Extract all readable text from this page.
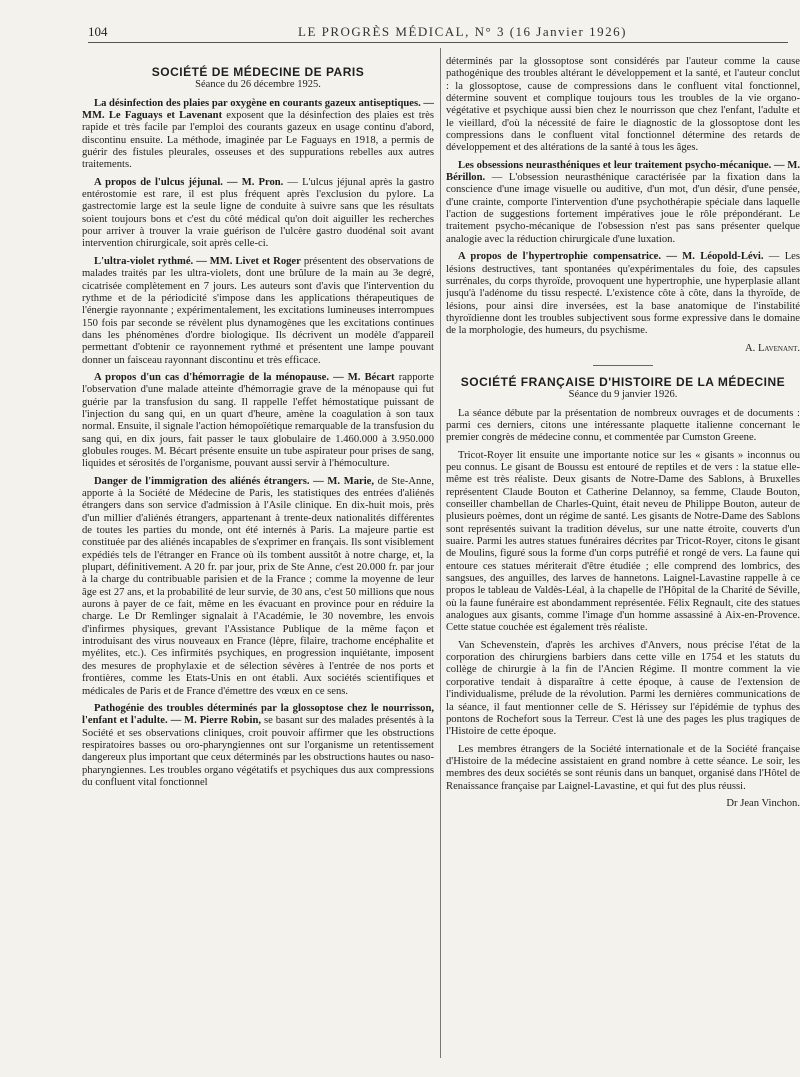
104	LE PROGRÈS MÉDICAL, N° 3 (16 Janvier 1926)
SOCIÉTÉ DE MÉDECINE DE PARIS
Séance du 26 décembre 1925.

La désinfection des plaies par oxygène en courants gazeux antiseptiques. — MM. Le Faguays et Lavenant exposent que la désinfection des plaies est très rapide et très facile par l'emploi des courants gazeux en usage continu d'abord, discontinu ensuite. La méthode, imaginée par Le Faguays en 1918, a permis de guérir des fistules pleurales, osseuses et des suppurations rebelles aux autres traitements.

A propos de l'ulcus jéjunal. — M. Pron. — L'ulcus jéjunal après la gastro entérostomie est rare, il est plus fréquent après l'exclusion du pylore. La gastrectomie large est la seule ligne de conduite à suivre sans que les résultats soient toujours bons et c'est du côté médical qu'on doit aiguiller les recherches pour arriver à trouver la vraie guérison de l'ulcère gastro duodénal soit avant intervention chirurgicale, soit après celle-ci.

L'ultra-violet rythmé. — MM. Livet et Roger présentent des observations de malades traités par les ultra-violets, dont une brûlure de la main au 3e degré, cicatrisée complètement en 7 jours. Les auteurs sont d'avis que l'intervention du rythme et de la périodicité s'impose dans les applications thérapeutiques de l'énergie rayonnante ; expérimentalement, les excitations lumineuses interrompues 150 fois par seconde se révèlent plus dynamogènes que les excitations continues dans les phénomènes d'ordre biologique. Ils décrivent un modèle d'appareil permettant d'obtenir ce rayonnement rythmé et présentent une lampe pouvant donner un faisceau rayonnant discontinu et très efficace.

A propos d'un cas d'hémorragie de la ménopause. — M. Bécart rapporte l'observation d'une malade atteinte d'hémorragie grave de la ménopause qui fut guérie par la transfusion du sang. Il rappelle l'effet hémostatique puissant de l'injection du sang qui, en un quart d'heure, amène la coagulation à son taux normal. Ensuite, il signale l'action hémopoïétique remarquable de la transfusion du sang qui, en dix jours, fait passer le taux globulaire de 1.460.000 à 3.950.000 globules rouges. M. Bécart présente ensuite un tube aspirateur pour prises de sang, liquides et sérosités de l'organisme, pouvant aussi servir à l'hémoculture.

Danger de l'immigration des aliénés étrangers. — M. Marie, de Ste-Anne, apporte à la Société de Médecine de Paris, les statistiques des entrées d'aliénés étrangers dans son service d'admission à l'Asile clinique. En dix-huit mois, près d'un millier d'aliénés étrangers, appartenant à trente-deux nationalités différentes de toutes les parties du monde, ont été internés à Paris. La majeure partie est constituée par des aliénés incapables de s'exprimer en français. Ils sont visiblement expédiés tels de l'étranger en France où ils tombent aussitôt à notre charge, et, la plupart, définitivement. A 20 fr. par jour, prix de Ste Anne, c'est 20.000 fr. par jour à la charge du contribuable parisien et de la France ; comme la moyenne de leur âge est 27 ans, et la probabilité de leur survie, de 30 ans, c'est 50 millions que nous aurons à payer de ce fait, même en les évacuant en province pour en réduire la charge. Le Dr Remlinger signalait à l'Académie, le 30 novembre, les envois d'infirmes physiques, grevant l'Assistance Publique de la même façon et introduisant des virus nouveaux en France (lèpre, filaire, trachome encéphalite et myélites, etc.). Ces infirmités psychiques, en progression inquiétante, imposent des mesures de prophylaxie et de sélection sévères à l'entrée de nos ports et frontières, comme les Etats-Unis en ont établi. Aux sociétés scientifiques et médicales de Paris et de France d'émettre des vœux en ce sens.

Pathogénie des troubles déterminés par la glossoptose chez le nourrisson, l'enfant et l'adulte. — M. Pierre Robin, se basant sur des malades présentés à la Société et ses observations cliniques, croit pouvoir affirmer que les obstructions respiratoires basses ou oro-pharyngiennes ont sur l'organisme un retentissement dangereux plus important que ceux déterminés par les obstructions hautes ou naso-pharyngiennes. Les troubles organo végétatifs et psychiques dus aux compressions du confluent vital fonctionnel

déterminés par la glossoptose sont considérés par l'auteur comme la cause pathogénique des troubles altérant le développement et la santé, et l'auteur conclut : la glossoptose, cause de compressions dans le confluent vital fonctionnel, détermine souvent et complique toujours tous les troubles de la vie organo-végétative et psychique aussi bien chez le nourrisson que chez l'enfant, l'adulte et le vieillard, d'où la nécessité de faire le diagnostic de la glossoptose dont les compressions dans le confluent vital fonctionnel détermine des retards de développement et des altérations de la santé à tous les âges.

Les obsessions neurasthéniques et leur traitement psycho-mécanique. — M. Bérillon. — L'obsession neurasthénique caractérisée par la fixation dans la conscience d'une image visuelle ou auditive, d'un mot, d'un désir, d'une pensée, d'une crainte, comporte l'intervention d'une psychothérapie spéciale dans laquelle l'action de suggestions fortement impératives joue le rôle prépondérant. Le traitement psycho-mécanique de l'obsession n'est pas sans présenter quelque analogie avec la réduction chirurgicale d'une luxation.

A propos de l'hypertrophie compensatrice. — M. Léopold-Lévi. — Les lésions destructives, tant spontanées qu'expérimentales du foie, des capsules surrénales, du corps thyroïde, provoquent une hypertrophie, une hyperplasie allant jusqu'à l'adénome du tissu respecté. L'existence côte à côte, dans la thyroïde, de lésions, pour ainsi dire inversées, est la base anatomique de l'instabilité thyroïdienne dont les troubles subjectivent sous forme expressive dans le domaine de la morphologie, des humeurs, du psychisme.

A. Lavenant.
SOCIÉTÉ FRANÇAISE D'HISTOIRE DE LA MÉDECINE
Séance du 9 janvier 1926.

La séance débute par la présentation de nombreux ouvrages et de documents : parmi ces derniers, citons une intéressante plaquette italienne concernant le premier congrès de médecine connu, et commentée par Cumston Greene.

Tricot-Royer lit ensuite une importante notice sur les « gisants » inconnus ou peu connus. Le gisant de Boussu est entouré de reptiles et de vers : la statue elle-même est très réaliste. Deux gisants de Notre-Dame des Sablons, à Bruxelles représentent Claude Bouton et Catherine Delannoy, sa femme, Claude Bouton, conseiller chambellan de Charles-Quint, était neveu de Philippe Bouton, auteur de plusieurs poèmes, dont un régime de santé. Les gisants de Notre-Dame des Sablons sont représentés suivant la tradition dévelus, sur une natte étroite, couverts d'un suaire. Parmi les autres statues funéraires décrites par Tricot-Royer, citons le gisant de Moulins, figuré sous la forme d'un corps putréfié et rongé de vers. La faune qui entoure ces statues mériterait d'être étudiée ; elle comprend des lombrics, des sangsues, des anguilles, des larves de hannetons. Laignel-Lavastine rappelle à ce propos le tableau de Valdès-Léal, à la chapelle de l'Hôpital de la Charité de Séville, où la faune funéraire est abondamment représentée. Félix Regnault, cite des statues analogues aux gisants, comme l'image d'un homme assassiné à Aix-en-Provence. Cette statue couchée est également très réaliste.

Van Schevenstein, d'après les archives d'Anvers, nous précise l'état de la corporation des chirurgiens barbiers dans cette ville en 1754 et les statuts du collège de chirurgie à la fin de l'Ancien Régime. Il montre comment la vie corporative tendait à disparaître à cette époque, à cause de l'extension de l'individualisme, prélude de la révolution. Parmi les dernières communications de la séance, il faut mentionner celle de S. Hérissey sur l'épidémie de typhus des pontons de Rochefort sous la Terreur. C'est là une des pages les plus tragiques de l'Histoire de cette époque.

Les membres étrangers de la Société internationale et de la Société française d'Histoire de la médecine assistaient en grand nombre à cette séance. Le soir, les membres des deux sociétés se sont réunis dans un banquet, organisé dans l'Hôtel de Renaissance française par Laignel-Lavastine, et qui fut des plus réussi.

Dr Jean Vinchon.
